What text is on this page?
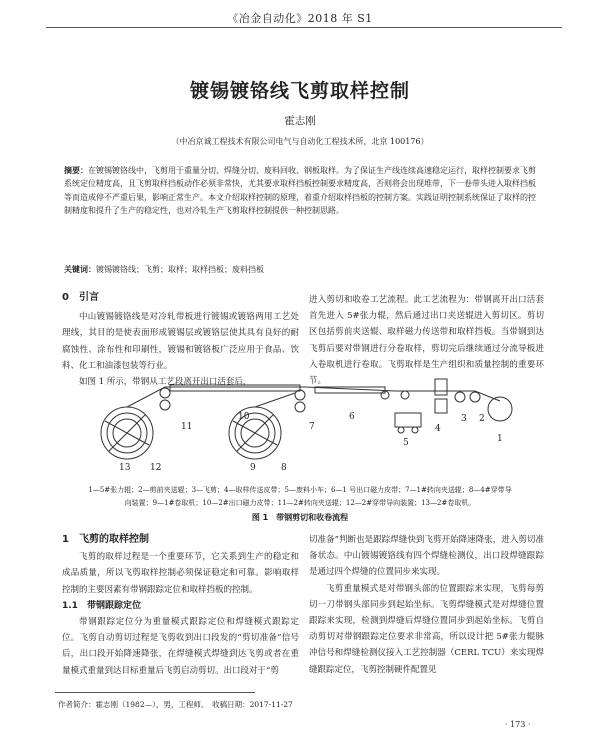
《冶金自动化》2018 年 S1
镀锡镀铬线飞剪取样控制
霍志刚
（中冶京诚工程技术有限公司电气与自动化工程技术所，北京 100176）
摘要：在镀锡镀铬线中，飞剪用于重量分切、焊缝分切、废料回收、钢板取样。为了保证生产线连续高速稳定运行，取样控制要求飞剪系统定位精度高，且飞剪取样挡板动作必须非常快，尤其要求取样挡板控制要求精度高，否则将会出现堆带，下一卷带头进入取样挡板等而造成停不严重后果，影响正常生产。本文介绍取样控制的原理，着重介绍取样挡板的控制方案。实践证明控制系统保证了取样的控制精度和提升了生产的稳定性，也对冷轧生产飞剪取样控制提供一种控制思路。
关键词：镀锡镀铬线；飞剪；取样；取样挡板；废料挡板
0　引言

中山镀锡镀铬线是对冷轧带板进行镀锡或镀铬两用工艺处理线，其目的是使表面形成镀锡层或镀铬层使其具有良好的耐腐蚀性、涂布性和印刷性，镀锡和镀铬板广泛应用于食品、饮料、化工和油漆包装等行业。

如图 1 所示，带钢从工艺段离开出口活套后，

进入剪切和收卷工艺流程。此工艺流程为：带钢离开出口活套首先进入 5#张力辊，然后通过出口夹送辊进入剪切区。剪切区包括剪前夹送辊、取样磁力传送带和取样挡板。当带钢到达飞剪后要对带钢进行分卷取样，剪切完后继续通过分流导板进入卷取机进行卷取。飞剪取样是生产组织和质量控制的重要环节。

13 12
11
10
9	8
7
6
5
4
3 2
1
1—5#张力辊；2—剪前夹送辊；3—飞剪；4—取样传送皮带；5—废料小车；6—1 号出口磁力皮带；7—1#转向夹送辊；8—4#穿带导
向装置；9—1#卷取机；10—2#出口磁力皮带；11—2#转向夹送辊；12—2#穿带导向装置；13—2#卷取机。
图 1　带钢剪切和收卷流程
1　飞剪的取样控制

飞剪的取样过程是一个重要环节，它关系到生产的稳定和成品质量，所以飞剪取样控制必须保证稳定和可靠。影响取样控制的主要因素有带钢跟踪定位和取样挡板的控制。

1.1　带钢跟踪定位

带钢跟踪定位分为重量模式跟踪定位和焊缝模式跟踪定位。飞剪自动剪切过程是飞剪收到出口段发的“剪切准备”信号后，出口段开始降速降张，在焊缝模式焊缝到达飞剪或者在重量模式重量到达目标重量后飞剪启动剪切。出口段对于“剪

切准备”判断也是跟踪焊缝快到飞剪开始降速降张，进入剪切准备状态。中山镀锡镀铬线有四个焊缝检测仪，出口段焊缝跟踪是通过四个焊缝的位置同步来实现。

飞剪重量模式是对带钢头部的位置跟踪来实现，飞剪每剪切一刀带钢头部同步到起始坐标。飞剪焊缝模式是对焊缝位置跟踪来实现，检测到焊缝后焊缝位置同步到起始坐标。飞剪自动剪切对带钢跟踪定位要求非常高，所以设计把 5#张力辊脉冲信号和焊缝检测仪接入工艺控制器（CERL TCU）来实现焊缝跟踪定位，飞剪控制硬件配置见

作者简介：霍志刚（1982—），男，工程师。　收稿日期：2017-11-27
· 173 ·
